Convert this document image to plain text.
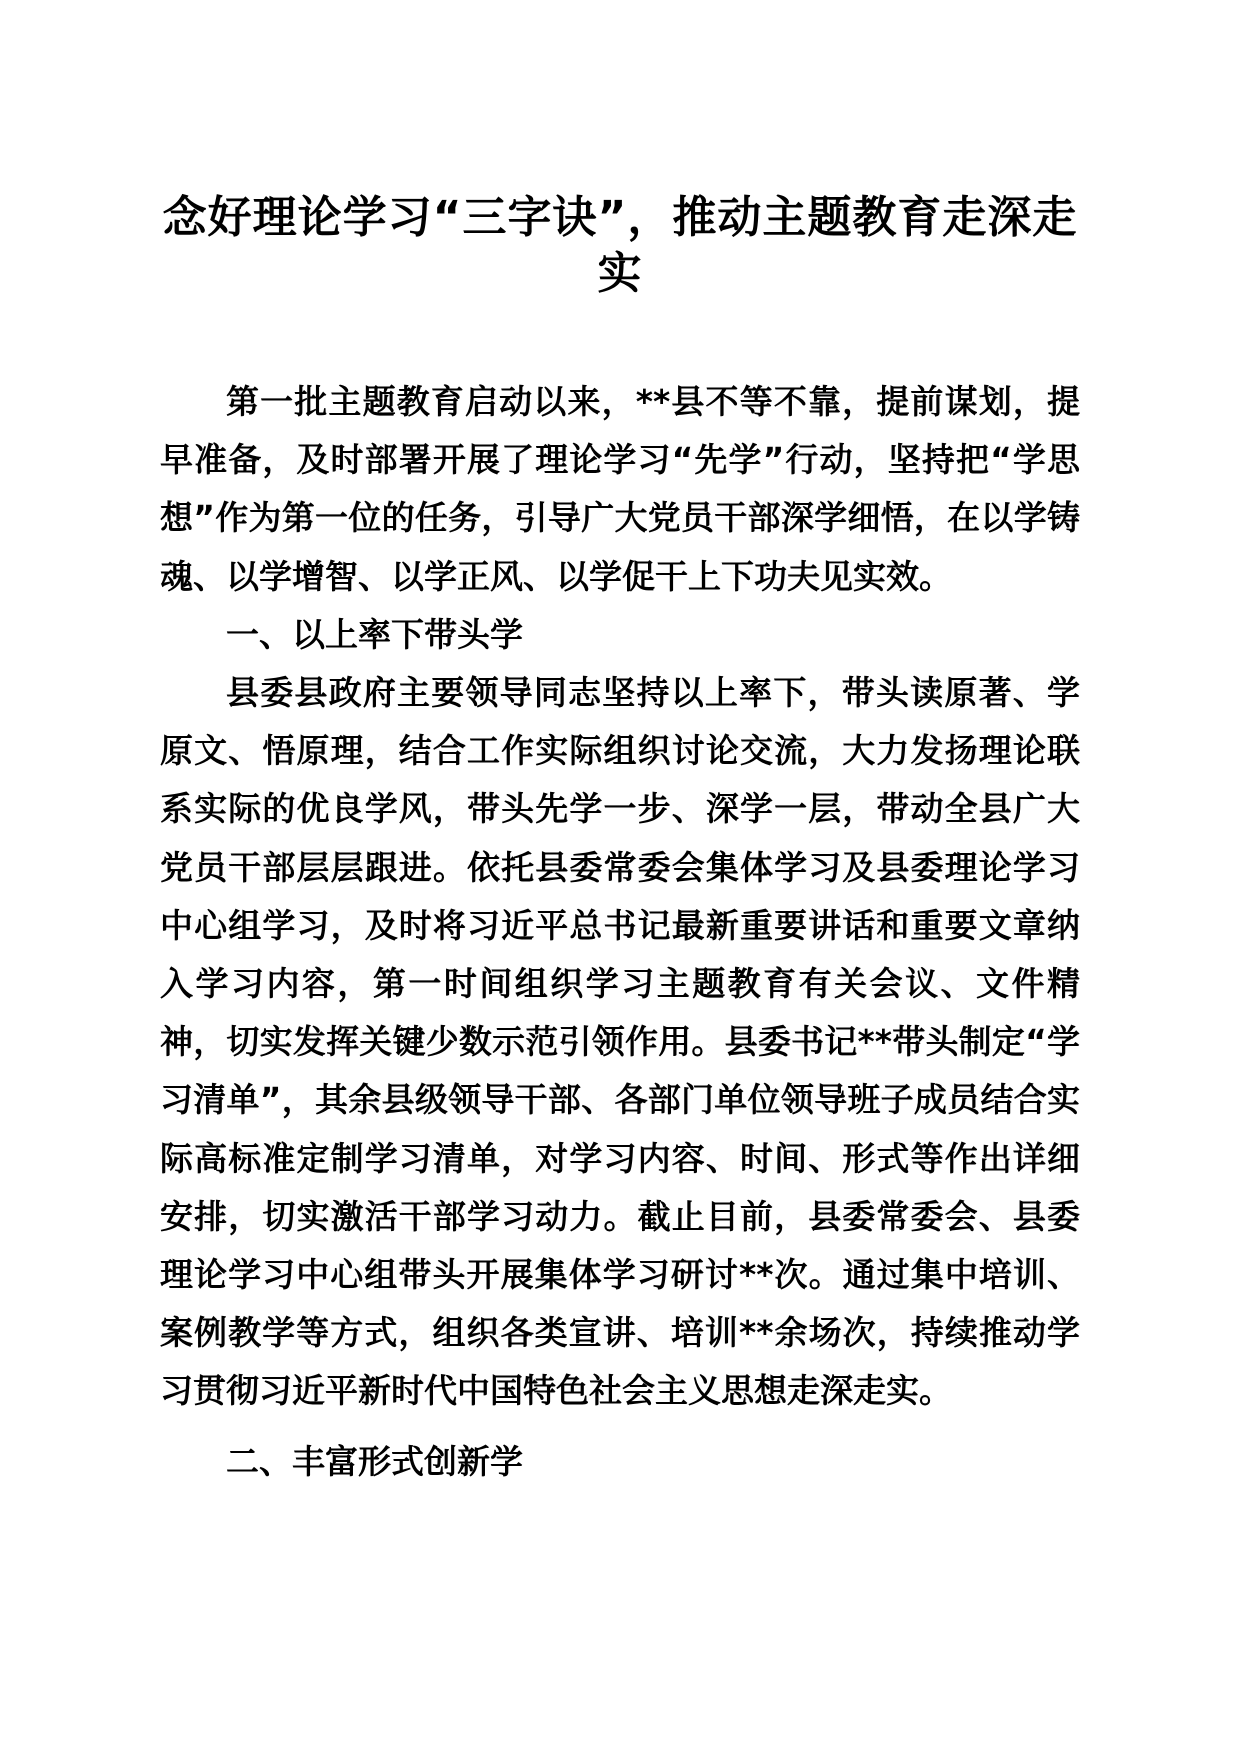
念好理论学习“三字诀”，推动主题教育走深走实

第一批主题教育启动以来，**县不等不靠，提前谋划，提早准备，及时部署开展了理论学习“先学”行动，坚持把“学思想”作为第一位的任务，引导广大党员干部深学细悟，在以学铸魂、以学增智、以学正风、以学促干上下功夫见实效。

一、以上率下带头学

县委县政府主要领导同志坚持以上率下，带头读原著、学原文、悟原理，结合工作实际组织讨论交流，大力发扬理论联系实际的优良学风，带头先学一步、深学一层，带动全县广大党员干部层层跟进。依托县委常委会集体学习及县委理论学习中心组学习，及时将习近平总书记最新重要讲话和重要文章纳入学习内容，第一时间组织学习主题教育有关会议、文件精神，切实发挥关键少数示范引领作用。县委书记**带头制定“学习清单”，其余县级领导干部、各部门单位领导班子成员结合实际高标准定制学习清单，对学习内容、时间、形式等作出详细安排，切实激活干部学习动力。截止目前，县委常委会、县委理论学习中心组带头开展集体学习研讨**次。通过集中培训、案例教学等方式，组织各类宣讲、培训**余场次，持续推动学习贯彻习近平新时代中国特色社会主义思想走深走实。

二、丰富形式创新学
